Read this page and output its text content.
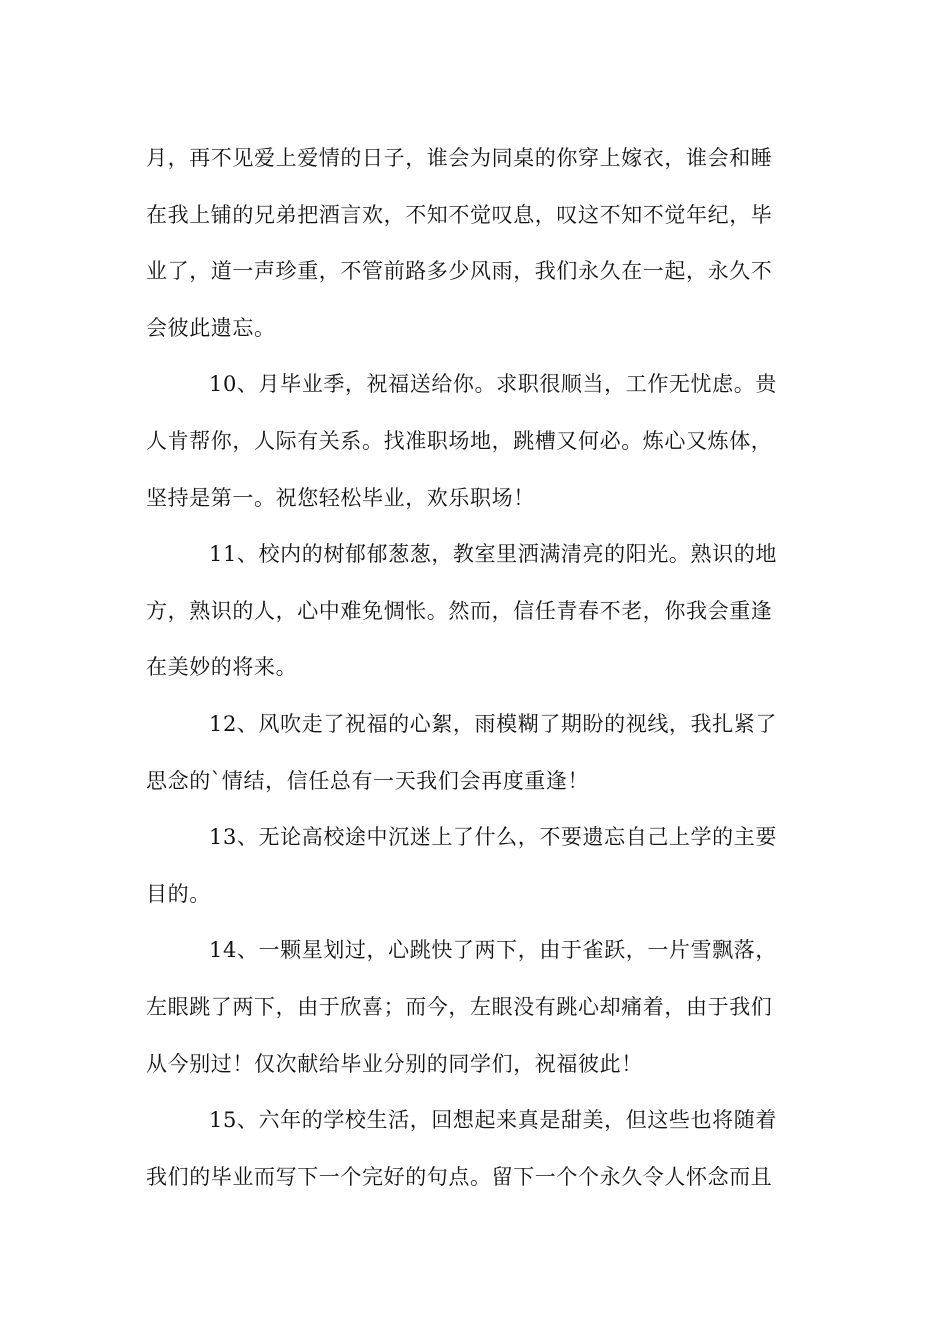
月，再不见爱上爱情的日子，谁会为同桌的你穿上嫁衣，谁会和睡
在我上铺的兄弟把酒言欢，不知不觉叹息，叹这不知不觉年纪，毕
业了，道一声珍重，不管前路多少风雨，我们永久在一起，永久不
会彼此遗忘。
10、月毕业季，祝福送给你。求职很顺当，工作无忧虑。贵
人肯帮你，人际有关系。找准职场地，跳槽又何必。炼心又炼体，
坚持是第一。祝您轻松毕业，欢乐职场！
11、校内的树郁郁葱葱，教室里洒满清亮的阳光。熟识的地
方，熟识的人，心中难免惆怅。然而，信任青春不老，你我会重逢
在美妙的将来。
12、风吹走了祝福的心絮，雨模糊了期盼的视线，我扎紧了
思念的`情结，信任总有一天我们会再度重逢！
13、无论高校途中沉迷上了什么，不要遗忘自己上学的主要
目的。
14、一颗星划过，心跳快了两下，由于雀跃，一片雪飘落，
左眼跳了两下，由于欣喜；而今，左眼没有跳心却痛着，由于我们
从今别过！仅次献给毕业分别的同学们，祝福彼此！
15、六年的学校生活，回想起来真是甜美，但这些也将随着
我们的毕业而写下一个完好的句点。留下一个个永久令人怀念而且
